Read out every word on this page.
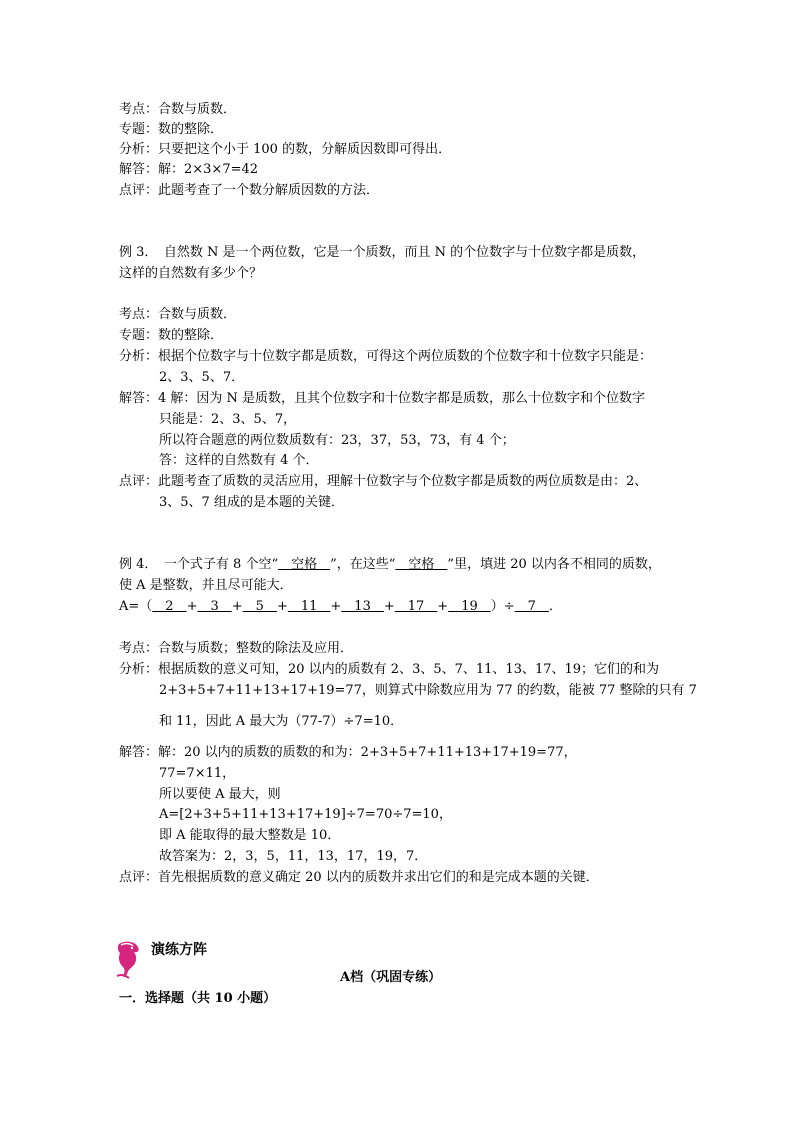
考点：合数与质数．
专题：数的整除．
分析：只要把这个小于 100 的数，分解质因数即可得出．
解答：解：2×3×7=42
点评：此题考查了一个数分解质因数的方法．
例 3．　自然数 N 是一个两位数，它是一个质数，而且 N 的个位数字与十位数字都是质数，
这样的自然数有多少个？
考点：合数与质数．
专题：数的整除．
分析：根据个位数字与十位数字都是质数，可得这个两位质数的个位数字和十位数字只能是：
2、3、5、7．
解答：4 解：因为 N 是质数，且其个位数字和十位数字都是质数，那么十位数字和个位数字
只能是：2、3、5、7，
所以符合题意的两位数质数有：23，37，53，73，有 4 个；
答：这样的自然数有 4 个．
点评：此题考查了质数的灵活应用，理解十位数字与个位数字都是质数的两位质数是由：2、
3、5、7 组成的是本题的关键．
例 4．　一个式子有 8 个空“　空格　”，在这些“　空格　”里，填进 20 以内各不相同的质数，
使 A 是整数，并且尽可能大．
A=（　2　+　3　+　5　+　11　+　13　+　17　+　19　）÷　7　．
考点：合数与质数；整数的除法及应用．
分析：根据质数的意义可知，20 以内的质数有 2、3、5、7、11、13、17、19；它们的和为
2+3+5+7+11+13+17+19=77，则算式中除数应用为 77 的约数，能被 77 整除的只有 7
和 11，因此 A 最大为（77-7）÷7=10．
解答：解：20 以内的质数的质数的和为：2+3+5+7+11+13+17+19=77，
77=7×11，
所以要使 A 最大，则
A=[2+3+5+11+13+17+19]÷7=70÷7=10，
即 A 能取得的最大整数是 10．
故答案为：2，3，5，11，13，17，19，7．
点评：首先根据质数的意义确定 20 以内的质数并求出它们的和是完成本题的关键．
演练方阵
A档（巩固专练）
一．选择题（共 10 小题）
